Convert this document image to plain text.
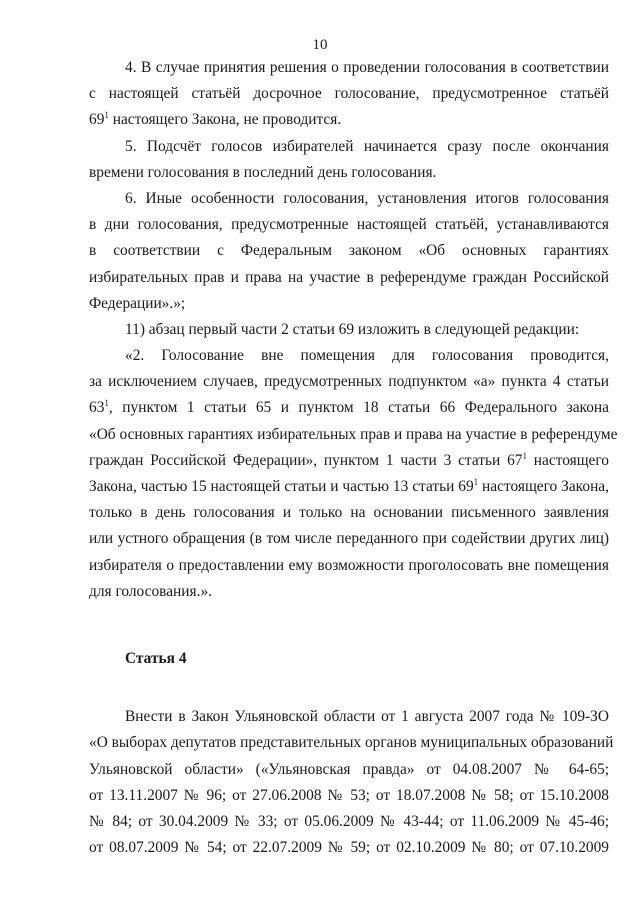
10
4. В случае принятия решения о проведении голосования в соответствии
с настоящей статьёй досрочное голосование, предусмотренное статьёй
$69^1$ настоящего Закона, не проводится.
5. Подсчёт голосов избирателей начинается сразу после окончания
времени голосования в последний день голосования.
6. Иные особенности голосования, установления итогов голосования
в дни голосования, предусмотренные настоящей статьёй, устанавливаются
в соответствии с Федеральным законом «Об основных гарантиях
избирательных прав и права на участие в референдуме граждан Российской
Федерации».»;
11) абзац первый части 2 статьи 69 изложить в следующей редакции:
«2. Голосование вне помещения для голосования проводится,
за исключением случаев, предусмотренных подпунктом «а» пункта 4 статьи
$63^1$, пунктом 1 статьи 65 и пунктом 18 статьи 66 Федерального закона
«Об основных гарантиях избирательных прав и права на участие в референдуме
граждан Российской Федерации», пунктом 1 части 3 статьи $67^1$ настоящего
Закона, частью 15 настоящей статьи и частью 13 статьи $69^1$ настоящего Закона,
только в день голосования и только на основании письменного заявления
или устного обращения (в том числе переданного при содействии других лиц)
избирателя о предоставлении ему возможности проголосовать вне помещения
для голосования.».
Статья 4
Внести в Закон Ульяновской области от 1 августа 2007 года № 109-ЗО
«О выборах депутатов представительных органов муниципальных образований
Ульяновской области» («Ульяновская правда» от 04.08.2007 № 64-65;
от 13.11.2007 № 96; от 27.06.2008 № 53; от 18.07.2008 № 58; от 15.10.2008
№ 84; от 30.04.2009 № 33; от 05.06.2009 № 43-44; от 11.06.2009 № 45-46;
от 08.07.2009 № 54; от 22.07.2009 № 59; от 02.10.2009 № 80; от 07.10.2009
